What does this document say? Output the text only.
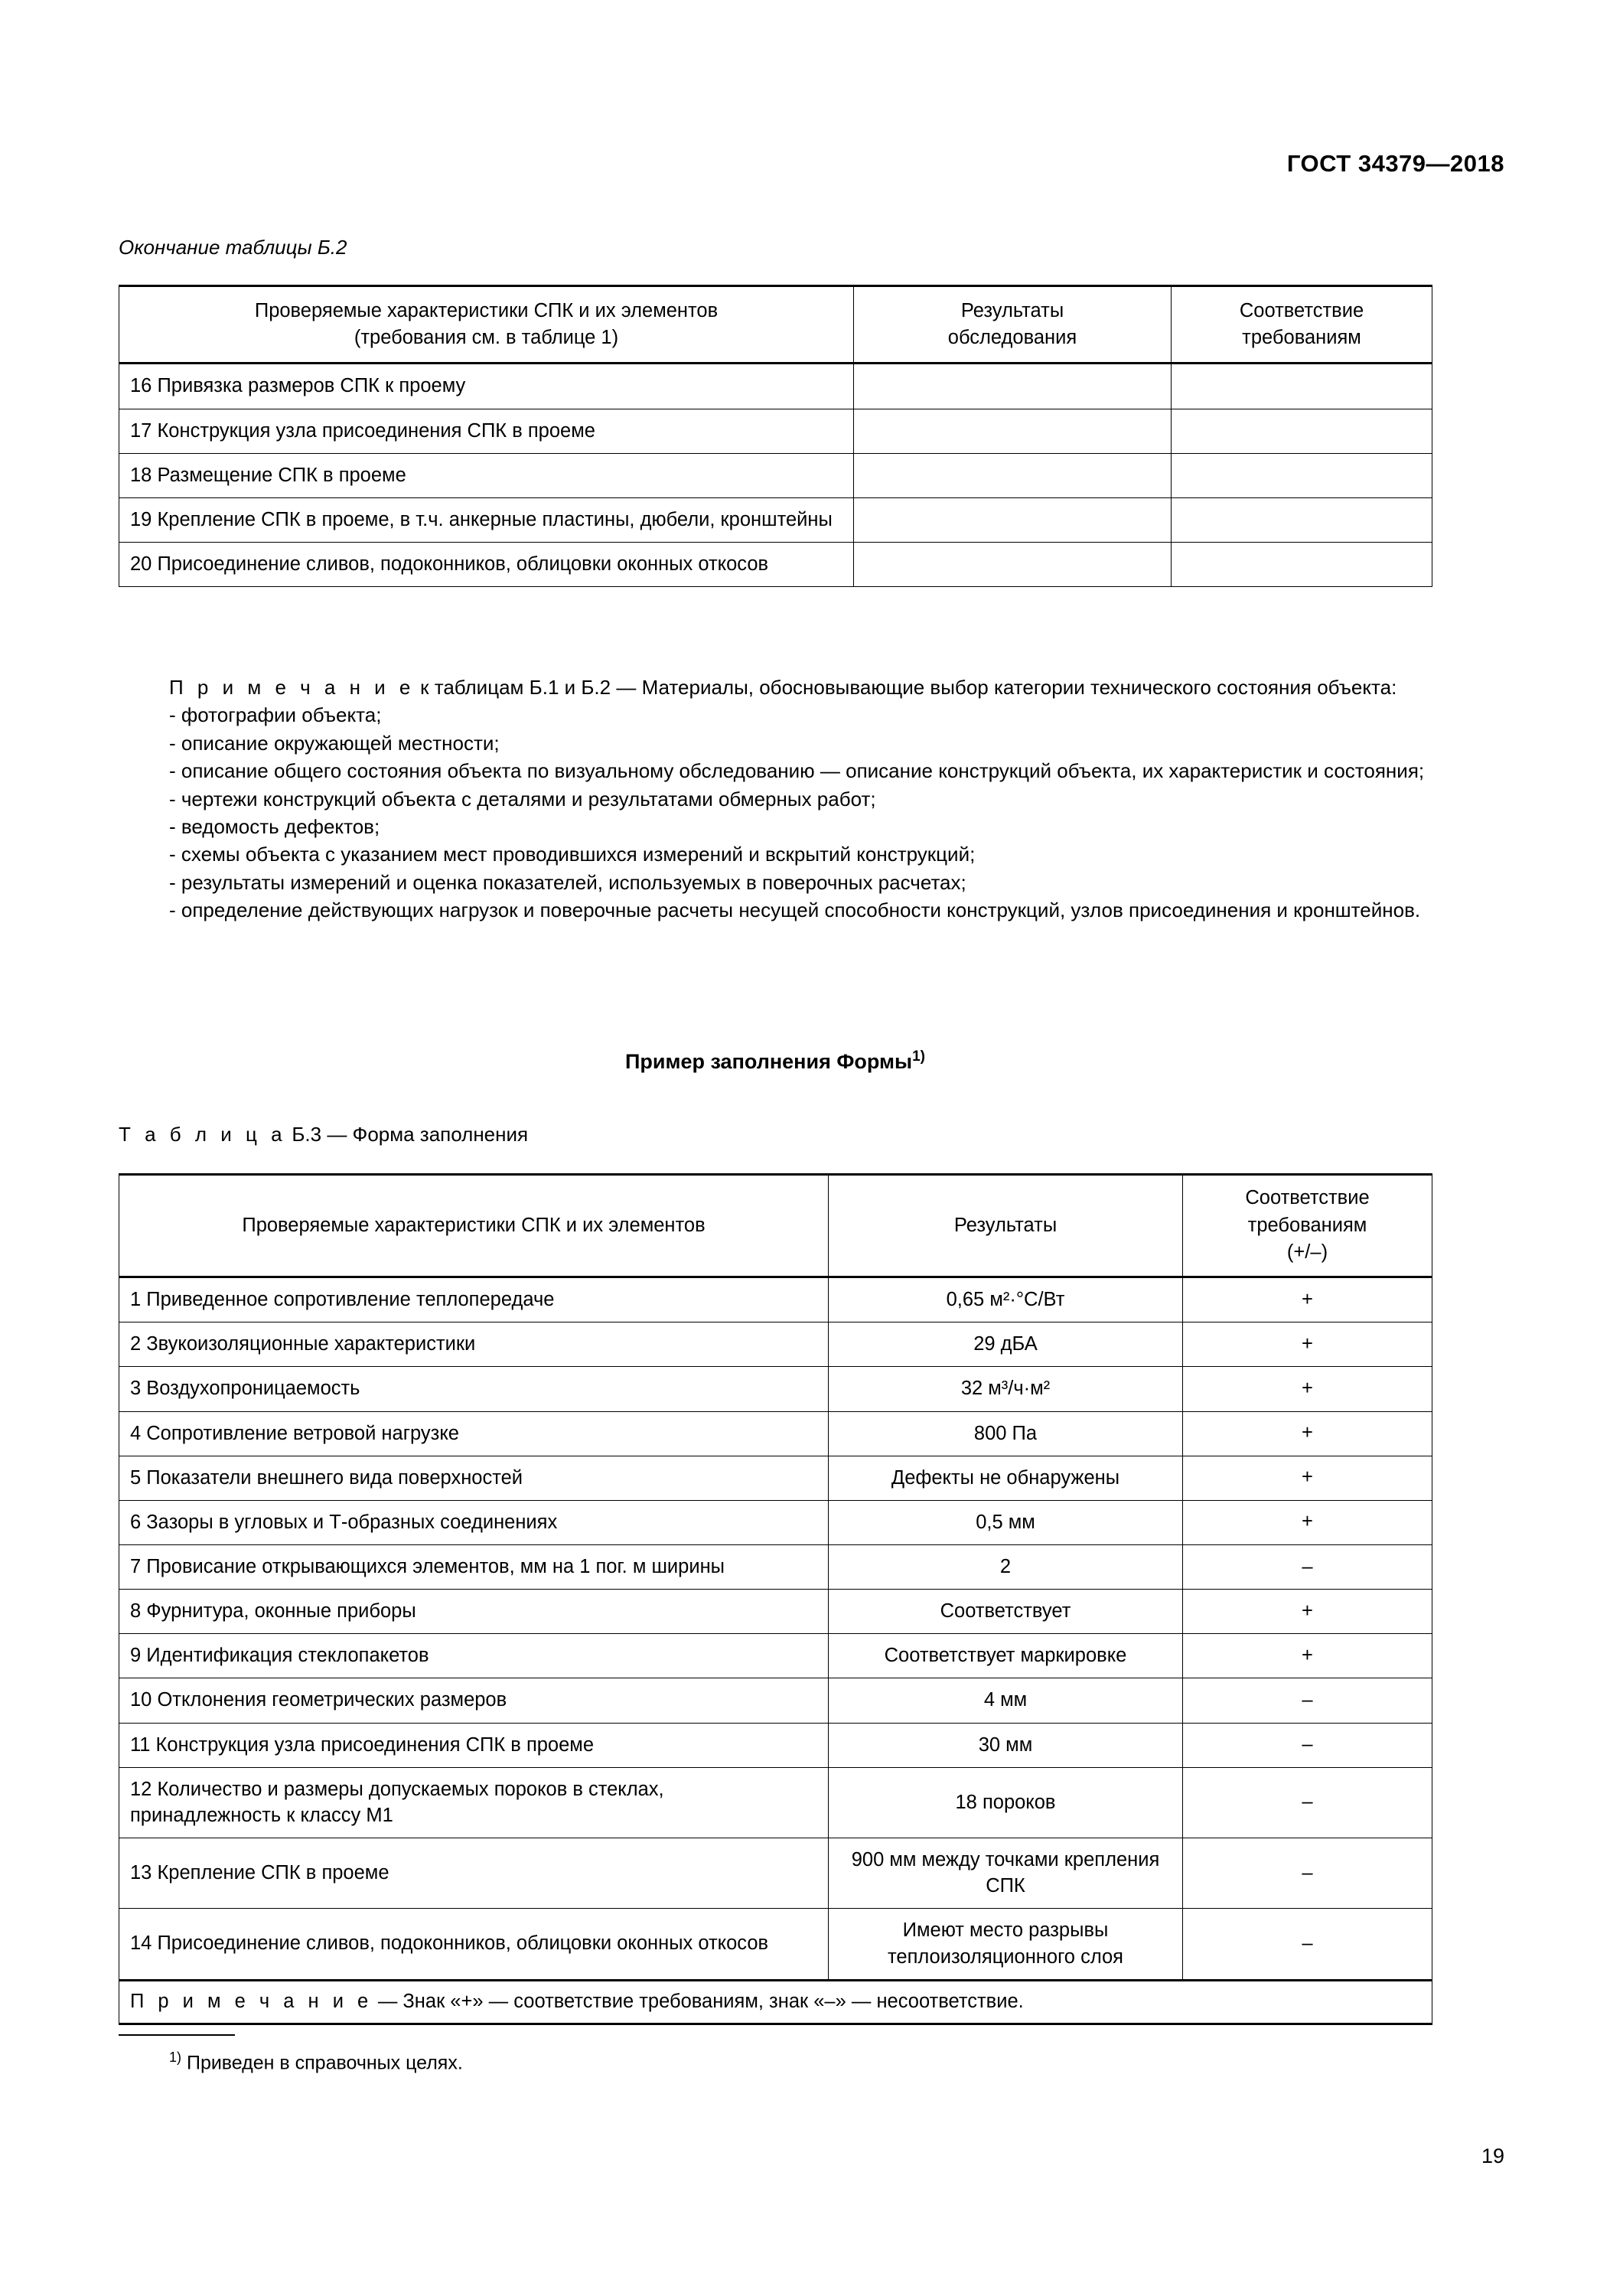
ГОСТ 34379—2018
Окончание таблицы Б.2
Проверяемые характеристики СПК и их элементов
(требования см. в таблице 1)

Результаты
обследования

Соответствие
требованиям

16 Привязка размеров СПК к проему		
17 Конструкция узла присоединения СПК в проеме		
18 Размещение СПК в проеме		
19 Крепление СПК в проеме, в т.ч. анкерные пластины, дюбели, кронштейны		
20 Присоединение сливов, подоконников, облицовки оконных откосов		

П р и м е ч а н и е к таблицам Б.1 и Б.2 — Материалы, обосновывающие выбор категории технического состояния объекта:

- фотографии объекта;

- описание окружающей местности;

- описание общего состояния объекта по визуальному обследованию — описание конструкций объекта, их характеристик и состояния;

- чертежи конструкций объекта с деталями и результатами обмерных работ;

- ведомость дефектов;

- схемы объекта с указанием мест проводившихся измерений и вскрытий конструкций;

- результаты измерений и оценка показателей, используемых в поверочных расчетах;

- определение действующих нагрузок и поверочные расчеты несущей способности конструкций, узлов присоединения и кронштейнов.

Пример заполнения Формы$^{1)}$
Т а б л и ц а Б.3 — Форма заполнения
Проверяемые характеристики СПК и их элементов	Результаты	Соответствие
требованиям
(+/–)

1 Приведенное сопротивление теплопередаче	0,65 м²·°С/Вт	+
2 Звукоизоляционные характеристики	29 дБА	+
3 Воздухопроницаемость	32 м³/ч·м²	+
4 Сопротивление ветровой нагрузке	800 Па	+
5 Показатели внешнего вида поверхностей	Дефекты не обнаружены	+
6 Зазоры в угловых и Т-образных соединениях	0,5 мм	+
7 Провисание открывающихся элементов, мм на 1 пог. м ширины	2	–
8 Фурнитура, оконные приборы	Соответствует	+
9 Идентификация стеклопакетов	Соответствует маркировке	+
10 Отклонения геометрических размеров	4 мм	–
11 Конструкция узла присоединения СПК в проеме	30 мм	–
12 Количество и размеры допускаемых пороков в стеклах, принадлежность к классу М1	18 пороков	–
13 Крепление СПК в проеме	900 мм между точками крепления СПК	–
14 Присоединение сливов, подоконников, облицовки оконных откосов	Имеют место разрывы теплоизоляционного слоя	–
П р и м е ч а н и е — Знак «+» — соответствие требованиям, знак «–» — несоответствие.		

$^{1)}$ Приведен в справочных целях.

19
